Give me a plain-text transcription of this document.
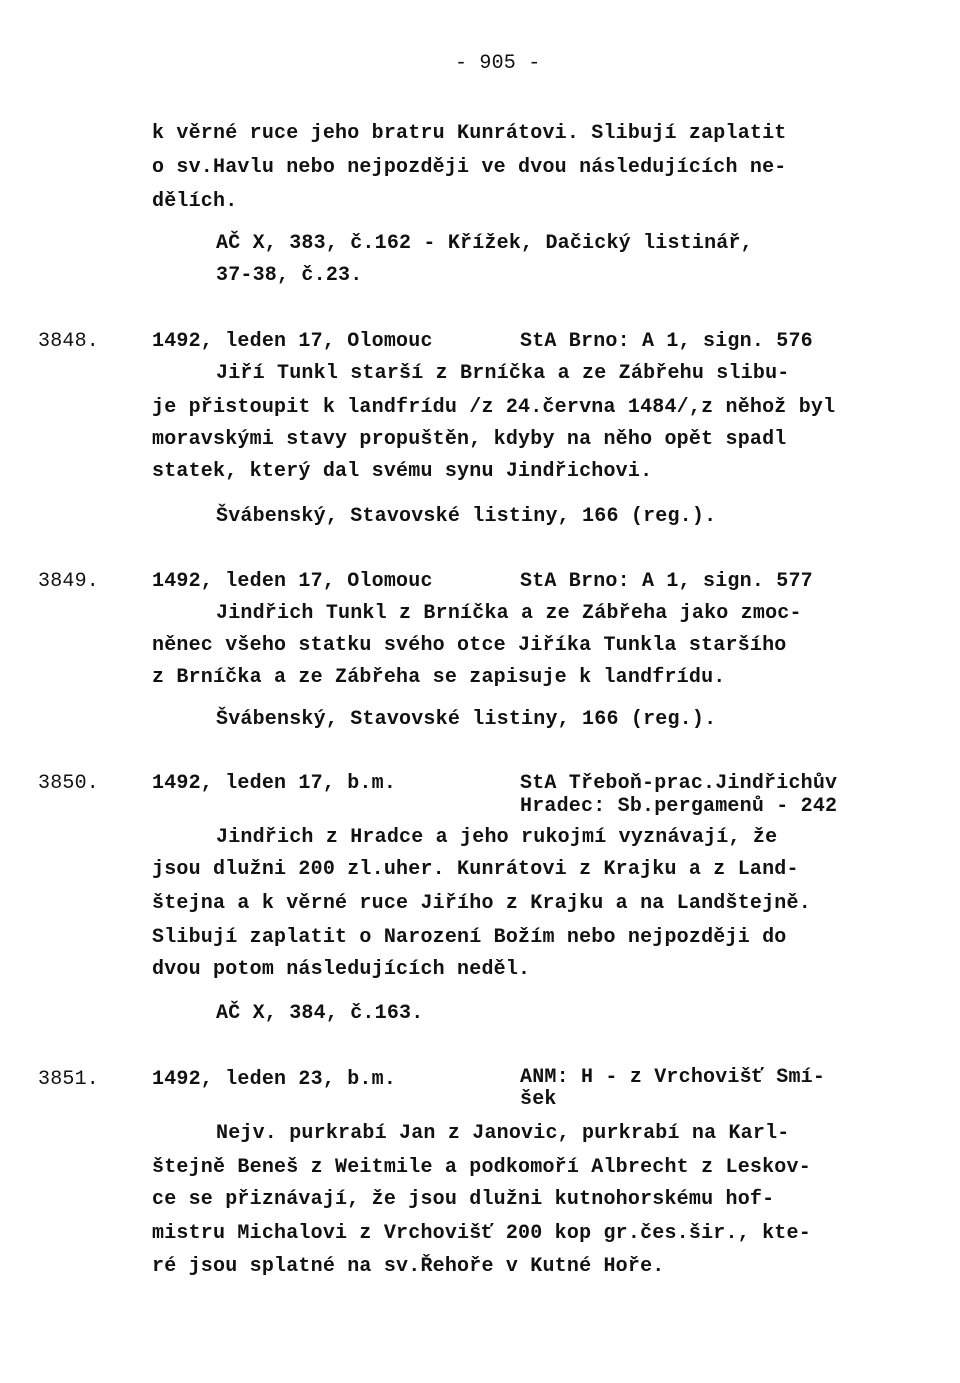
- 905 -
k věrné ruce jeho bratru Kunrátovi. Slibují zaplatit
o sv.Havlu nebo nejpozději ve dvou následujících ne-
dělích.
AČ X, 383, č.162 - Křížek, Dačický listinář,
37-38, č.23.
3848.	1492, leden 17, Olomouc	StA Brno: A 1, sign. 576
Jiří Tunkl starší z Brníčka a ze Zábřehu slibu-
je přistoupit k landfrídu /z 24.června 1484/,z něhož byl
moravskými stavy propuštěn, kdyby na něho opět spadl
statek, který dal svému synu Jindřichovi.
Švábenský, Stavovské listiny, 166 (reg.).
3849.	1492, leden 17, Olomouc	StA Brno: A 1, sign. 577
Jindřich Tunkl z Brníčka a ze Zábřeha jako zmoc-
něnec všeho statku svého otce Jiříka Tunkla staršího
z Brníčka a ze Zábřeha se zapisuje k landfrídu.
Švábenský, Stavovské listiny, 166 (reg.).
3850.	1492, leden 17, b.m.	StA Třeboň-prac.Jindřichův
Hradec: Sb.pergamenů - 242
Jindřich z Hradce a jeho rukojmí vyznávají, že
jsou dlužni 200 zl.uher. Kunrátovi z Krajku a z Land-
štejna a k věrné ruce Jiřího z Krajku a na Landštejně.
Slibují zaplatit o Narození Božím nebo nejpozději do
dvou potom následujících neděl.
AČ X, 384, č.163.
3851.	1492, leden 23, b.m.	ANM: H - z Vrchovišť Smí-
šek
Nejv. purkrabí Jan z Janovic, purkrabí na Karl-
štejně Beneš z Weitmile a podkomoří Albrecht z Leskov-
ce se přiznávají, že jsou dlužni kutnohorskému hof-
mistru Michalovi z Vrchovišť 200 kop gr.čes.šir., kte-
ré jsou splatné na sv.Řehoře v Kutné Hoře.
